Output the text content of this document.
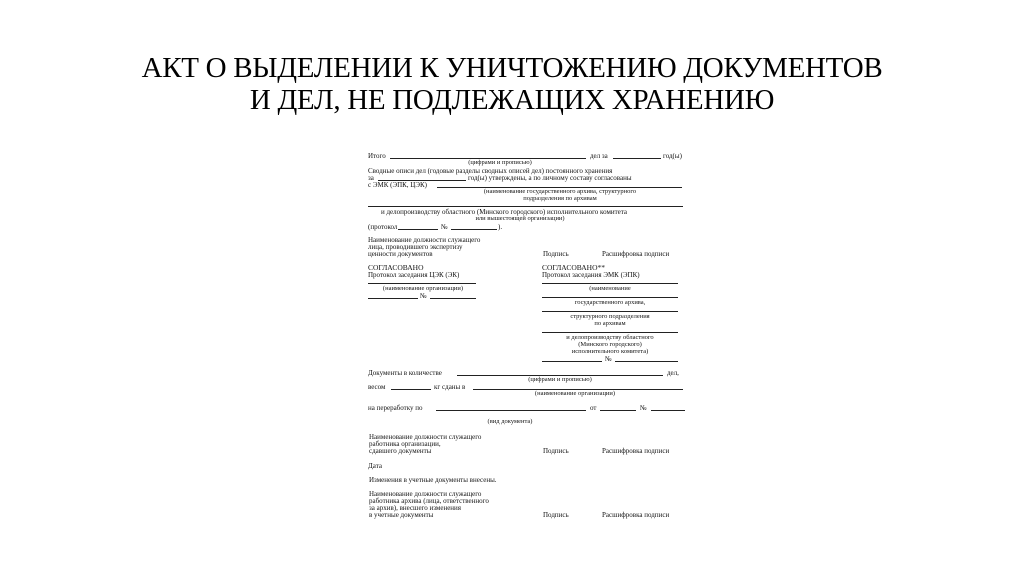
АКТ О ВЫДЕЛЕНИИ К УНИЧТОЖЕНИЮ ДОКУМЕНТОВ
И ДЕЛ, НЕ ПОДЛЕЖАЩИХ ХРАНЕНИЮ
Итого	дел за	год(ы)
(цифрами и прописью)
Сводные описи дел (годовые разделы сводных описей дел) постоянного хранения
за	год(ы) утверждены, а по личному составу согласованы
с ЭМК (ЭПК, ЦЭК)
(наименование государственного архива, структурного
подразделения по архивам
и делопроизводству областного (Минского городского) исполнительного комитета
или вышестоящей организации)
(протокол	№	).
Наименование должности служащего
лица, проводившего экспертизу
ценности документов	Подпись	Расшифровка подписи
СОГЛАСОВАНО
Протокол заседания ЦЭК (ЭК)
(наименование организации)
№
СОГЛАСОВАНО**
Протокол заседания ЭМК (ЭПК)
(наименование
государственного архива,
структурного подразделения
по архивам
и делопроизводству областного
(Минского городского)
исполнительного комитета)
№
Документы в количестве	дел,
(цифрами и прописью)
весом	кг сданы в
(наименование организации)
на переработку по	от	№
(вид документа)
Наименование должности служащего
работника организации,
сдавшего документы	Подпись	Расшифровка подписи
Дата
Изменения в учетные документы внесены.
Наименование должности служащего
работника архива (лица, ответственного
за архив), внесшего изменения
в учетные документы	Подпись	Расшифровка подписи
